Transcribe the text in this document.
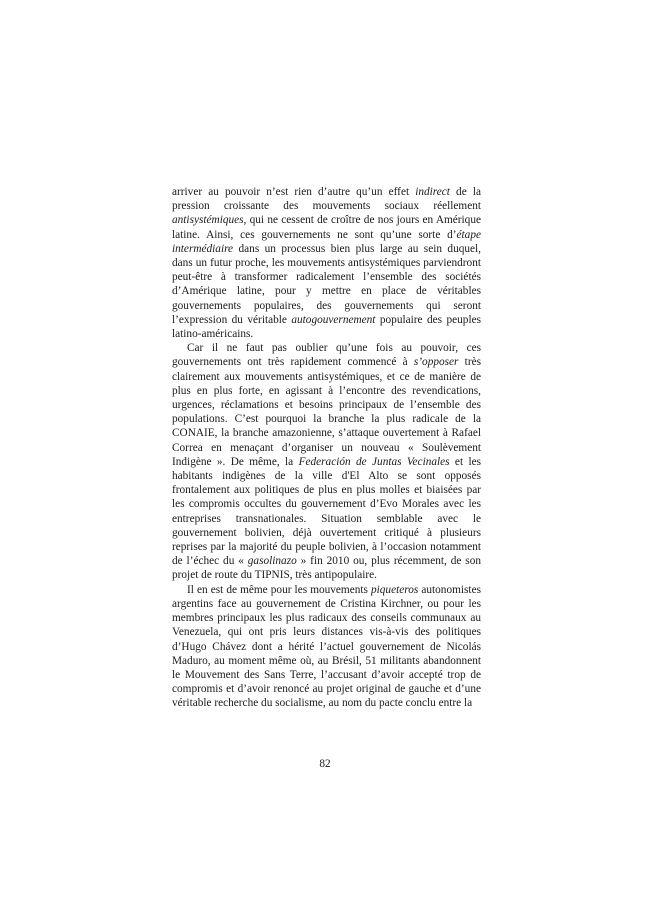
arriver au pouvoir n’est rien d’autre qu’un effet indirect de la pression croissante des mouvements sociaux réellement antisystémiques, qui ne cessent de croître de nos jours en Amérique latine. Ainsi, ces gouvernements ne sont qu’une sorte d’étape intermédiaire dans un processus bien plus large au sein duquel, dans un futur proche, les mouvements antisystémiques parviendront peut-être à transformer radicalement l’ensemble des sociétés d’Amérique latine, pour y mettre en place de véritables gouvernements populaires, des gouvernements qui seront l’expression du véritable autogouvernement populaire des peuples latino-américains.

Car il ne faut pas oublier qu’une fois au pouvoir, ces gouvernements ont très rapidement commencé à s’opposer très clairement aux mouvements antisystémiques, et ce de manière de plus en plus forte, en agissant à l’encontre des revendications, urgences, réclamations et besoins principaux de l’ensemble des populations. C’est pourquoi la branche la plus radicale de la CONAIE, la branche amazonienne, s’attaque ouvertement à Rafael Correa en menaçant d’organiser un nouveau « Soulèvement Indigène ». De même, la Federación de Juntas Vecinales et les habitants indigènes de la ville d'El Alto se sont opposés frontalement aux politiques de plus en plus molles et biaisées par les compromis occultes du gouvernement d’Evo Morales avec les entreprises transnationales. Situation semblable avec le gouvernement bolivien, déjà ouvertement critiqué à plusieurs reprises par la majorité du peuple bolivien, à l’occasion notamment de l’échec du « gasolinazo » fin 2010 ou, plus récemment, de son projet de route du TIPNIS, très antipopulaire.

Il en est de même pour les mouvements piqueteros autonomistes argentins face au gouvernement de Cristina Kirchner, ou pour les membres principaux les plus radicaux des conseils communaux au Venezuela, qui ont pris leurs distances vis-à-vis des politiques d’Hugo Chávez dont a hérité l’actuel gouvernement de Nicolás Maduro, au moment même où, au Brésil, 51 militants abandonnent le Mouvement des Sans Terre, l’accusant d’avoir accepté trop de compromis et d’avoir renoncé au projet original de gauche et d’une véritable recherche du socialisme, au nom du pacte conclu entre la

82
